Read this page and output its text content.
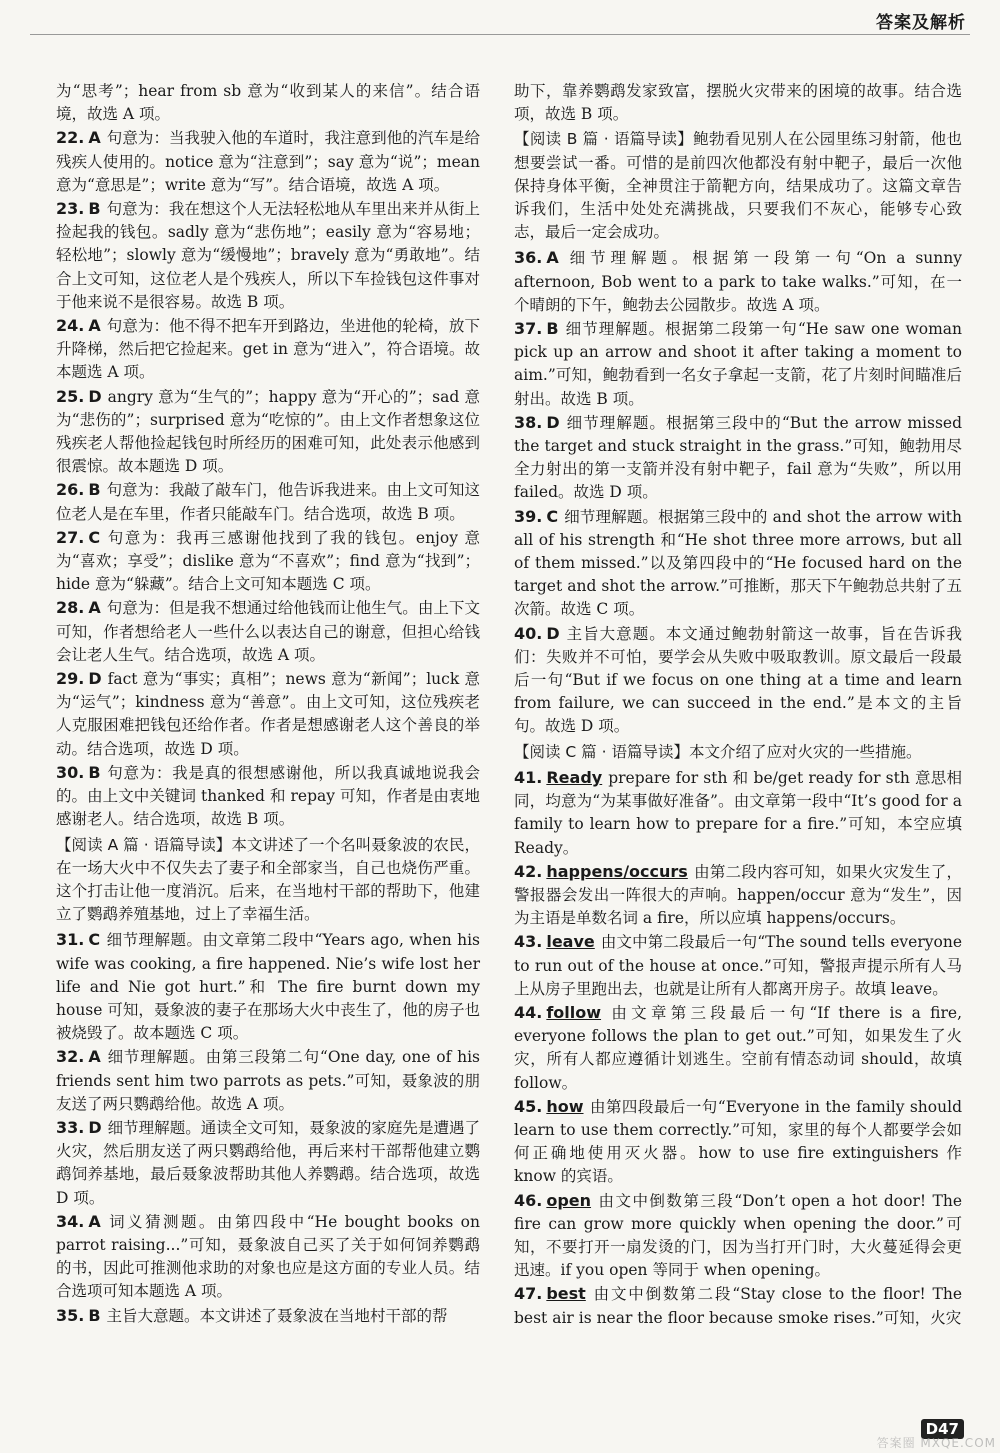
答案及解析

为“思考”；hear from sb 意为“收到某人的来信”。结合语境，故选 A 项。

22. A 句意为：当我驶入他的车道时，我注意到他的汽车是给残疾人使用的。notice 意为“注意到”；say 意为“说”；mean 意为“意思是”；write 意为“写”。结合语境，故选 A 项。

23. B 句意为：我在想这个人无法轻松地从车里出来并从街上捡起我的钱包。sadly 意为“悲伤地”；easily 意为“容易地；轻松地”；slowly 意为“缓慢地”；bravely 意为“勇敢地”。结合上文可知，这位老人是个残疾人，所以下车捡钱包这件事对于他来说不是很容易。故选 B 项。

24. A 句意为：他不得不把车开到路边，坐进他的轮椅，放下升降梯，然后把它捡起来。get in 意为“进入”，符合语境。故本题选 A 项。

25. D angry 意为“生气的”；happy 意为“开心的”；sad 意为“悲伤的”；surprised 意为“吃惊的”。由上文作者想象这位残疾老人帮他捡起钱包时所经历的困难可知，此处表示他感到很震惊。故本题选 D 项。

26. B 句意为：我敲了敲车门，他告诉我进来。由上文可知这位老人是在车里，作者只能敲车门。结合选项，故选 B 项。

27. C 句意为：我再三感谢他找到了我的钱包。enjoy 意为“喜欢；享受”；dislike 意为“不喜欢”；find 意为“找到”；hide 意为“躲藏”。结合上文可知本题选 C 项。

28. A 句意为：但是我不想通过给他钱而让他生气。由上下文可知，作者想给老人一些什么以表达自己的谢意，但担心给钱会让老人生气。结合选项，故选 A 项。

29. D fact 意为“事实；真相”；news 意为“新闻”；luck 意为“运气”；kindness 意为“善意”。由上文可知，这位残疾老人克服困难把钱包还给作者。作者是想感谢老人这个善良的举动。结合选项，故选 D 项。

30. B 句意为：我是真的很想感谢他，所以我真诚地说我会的。由上文中关键词 thanked 和 repay 可知，作者是由衷地感谢老人。结合选项，故选 B 项。

【阅读 A 篇 · 语篇导读】本文讲述了一个名叫聂象波的农民，在一场大火中不仅失去了妻子和全部家当，自己也烧伤严重。这个打击让他一度消沉。后来，在当地村干部的帮助下，他建立了鹦鹉养殖基地，过上了幸福生活。

31. C 细节理解题。由文章第二段中“Years ago, when his wife was cooking, a fire happened. Nie’s wife lost her life and Nie got hurt.”和 The fire burnt down my house 可知，聂象波的妻子在那场大火中丧生了，他的房子也被烧毁了。故本题选 C 项。

32. A 细节理解题。由第三段第二句“One day, one of his friends sent him two parrots as pets.”可知，聂象波的朋友送了两只鹦鹉给他。故选 A 项。

33. D 细节理解题。通读全文可知，聂象波的家庭先是遭遇了火灾，然后朋友送了两只鹦鹉给他，再后来村干部帮他建立鹦鹉饲养基地，最后聂象波帮助其他人养鹦鹉。结合选项，故选 D 项。

34. A 词义猜测题。由第四段中“He bought books on parrot raising...”可知，聂象波自己买了关于如何饲养鹦鹉的书，因此可推测他求助的对象也应是这方面的专业人员。结合选项可知本题选 A 项。

35. B 主旨大意题。本文讲述了聂象波在当地村干部的帮

助下，靠养鹦鹉发家致富，摆脱火灾带来的困境的故事。结合选项，故选 B 项。

【阅读 B 篇 · 语篇导读】鲍勃看见别人在公园里练习射箭，他也想要尝试一番。可惜的是前四次他都没有射中靶子，最后一次他保持身体平衡，全神贯注于箭靶方向，结果成功了。这篇文章告诉我们，生活中处处充满挑战，只要我们不灰心，能够专心致志，最后一定会成功。

36. A 细节理解题。根据第一段第一句“On a sunny afternoon, Bob went to a park to take walks.”可知，在一个晴朗的下午，鲍勃去公园散步。故选 A 项。

37. B 细节理解题。根据第二段第一句“He saw one woman pick up an arrow and shoot it after taking a moment to aim.”可知，鲍勃看到一名女子拿起一支箭，花了片刻时间瞄准后射出。故选 B 项。

38. D 细节理解题。根据第三段中的“But the arrow missed the target and stuck straight in the grass.”可知，鲍勃用尽全力射出的第一支箭并没有射中靶子，fail 意为“失败”，所以用 failed。故选 D 项。

39. C 细节理解题。根据第三段中的 and shot the arrow with all of his strength 和“He shot three more arrows, but all of them missed.”以及第四段中的“He focused hard on the target and shot the arrow.”可推断，那天下午鲍勃总共射了五次箭。故选 C 项。

40. D 主旨大意题。本文通过鲍勃射箭这一故事，旨在告诉我们：失败并不可怕，要学会从失败中吸取教训。原文最后一段最后一句“But if we focus on one thing at a time and learn from failure, we can succeed in the end.”是本文的主旨句。故选 D 项。

【阅读 C 篇 · 语篇导读】本文介绍了应对火灾的一些措施。

41. Ready prepare for sth 和 be/get ready for sth 意思相同，均意为“为某事做好准备”。由文章第一段中“It’s good for a family to learn how to prepare for a fire.”可知，本空应填 Ready。

42. happens/occurs 由第二段内容可知，如果火灾发生了，警报器会发出一阵很大的声响。happen/occur 意为“发生”，因为主语是单数名词 a fire，所以应填 happens/occurs。

43. leave 由文中第二段最后一句“The sound tells everyone to run out of the house at once.”可知，警报声提示所有人马上从房子里跑出去，也就是让所有人都离开房子。故填 leave。

44. follow 由文章第三段最后一句“If there is a fire, everyone follows the plan to get out.”可知，如果发生了火灾，所有人都应遵循计划逃生。空前有情态动词 should，故填 follow。

45. how 由第四段最后一句“Everyone in the family should learn to use them correctly.”可知，家里的每个人都要学会如何正确地使用灭火器。how to use fire extinguishers 作 know 的宾语。

46. open 由文中倒数第三段“Don’t open a hot door! The fire can grow more quickly when opening the door.”可知，不要打开一扇发烫的门，因为当打开门时，大火蔓延得会更迅速。if you open 等同于 when opening。

47. best 由文中倒数第二段“Stay close to the floor! The best air is near the floor because smoke rises.”可知，火灾

D47
答案圈 MXQE.COM
